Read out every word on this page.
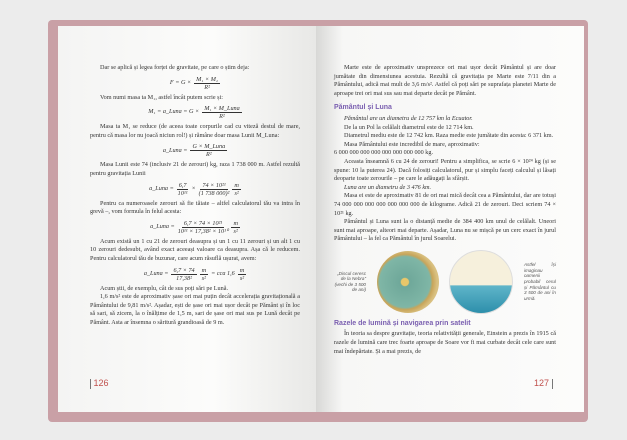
Dar se aplică și legea forței de gravitate, pe care o știm deja:

$F = G \times \frac{\text{M₁ × M₂}}{\text{R²}}$

Vom numi masa ta M₁, astfel încât putem scrie și:

M₁ = a_Luna = G × M₁ × M_Luna
R²

Masa ta M₁ se reduce (de aceea toate corpurile cad cu viteză destul de mare, pentru că masa lor nu joacă niciun rol!) și rămâne doar masa Lunii M_Luna:

a_Luna = G × M_Luna
R²

Masa Lunii este 74 (inclusiv 21 de zerouri) kg, raza 1 738 000 m. Astfel rezultă pentru gravitația Lunii

a_Luna = $\frac{6,7}{\text{10¹¹}} \times \frac{\text{74 × 10²¹}}{\text{(1 738 000)²}} \frac{m}{\text{s²}}$

Pentru ca numeroasele zerouri să fie tăiate – altfel calculatorul tău va intra în grevă –, vom formula în felul acesta:

a_Luna = $\frac{\text{6,7 × 74 × 10²¹}}{\text{10¹¹ × 17,38² × 10¹⁰}} \frac{m}{\text{s²}}$

Acum există un 1 cu 21 de zerouri deasupra și un 1 cu 11 zerouri și un alt 1 cu 10 zerouri dedesubt, având exact aceeași valoare ca deasupra. Așa că le reducem. Pentru calculatorul tău de buzunar, care acum răsuflă ușurat, avem:

a_Luna = $\frac{6,7 \times 74}{\text{17,38²}} \frac{m}{\text{s²}}$ = cca $1,6 \frac{m}{\text{s²}}$

Acum știi, de exemplu, cât de sus poți sări pe Lună.

1,6 m/s² este de aproximativ șase ori mai puțin decât accelerația gravitațională a Pământului de 9,81 m/s². Așadar, ești de șase ori mai ușor decât pe Pământ și în loc să sari, să zicem, la o înălțime de 1,5 m, sari de șase ori mai sus pe Lună decât pe Pământ. Asta ar însemna o săritură grandioasă de 9 m.

126

Marte este de aproximativ unsprezece ori mai ușor decât Pământul și are doar jumătate din dimensiunea acestuia. Rezultă că gravitația pe Marte este 7/11 din a Pământului, adică mai mult de 3,6 m/s². Astfel că poți sări pe suprafața planetei Marte de aproape trei ori mai sus sau mai departe decât pe Pământ.

Pământul și Luna

Pământul are un diametru de 12 757 km la Ecuator.

De la un Pol la celălalt diametrul este de 12 714 km.

Diametrul mediu este de 12 742 km. Raza medie este jumătate din acesta: 6 371 km.

Masa Pământului este incredibil de mare, aproximativ:

6 000 000 000 000 000 000 000 000 kg.

Aceasta înseamnă 6 cu 24 de zerouri! Pentru a simplifica, se scrie 6 × 10²⁴ kg (și se spune: 10 la puterea 24). Dacă folosiți calculatorul, pur și simplu faceți calculul și lăsați deoparte toate zerourile – pe care le adăugați la sfârșit.

Luna are un diametru de 3 476 km.

Masa ei este de aproximativ 81 de ori mai mică decât cea a Pământului, dar are totuși 74 000 000 000 000 000 000 000 de kilograme. Adică 21 de zerouri. Deci scriem 74 × 10²¹ kg.

Pământul și Luna sunt la o distanță medie de 384 400 km unul de celălalt. Uneori sunt mai aproape, alteori mai departe. Așadar, Luna nu se mișcă pe un cerc exact în jurul Pământului – la fel ca Pământul în jurul Soarelui.

„Discul ceresc de la Nebra” (vechi de 3 500 de ani)
Astfel își imaginau oamenii probabil cerul și Pământul cu 3 500 de ani în urmă.
Razele de lumină și navigarea prin satelit

În teoria sa despre gravitație, teoria relativității generale, Einstein a prezis în 1915 că razele de lumină care trec foarte aproape de Soare vor fi mai curbate decât cele care sunt mai îndepărtate. Și a mai prezis, de

127
